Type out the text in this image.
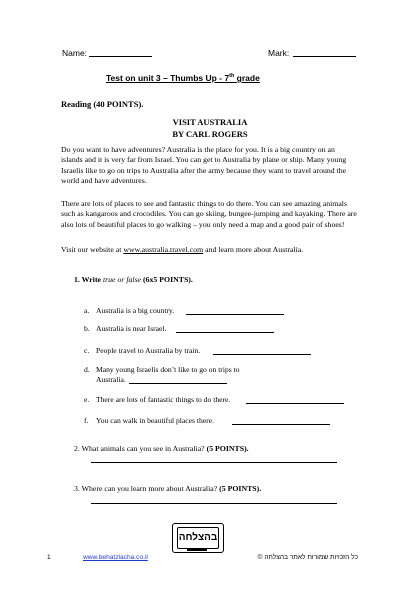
Name:	Mark:
Test on unit 3 – Thumbs Up - 7th grade
Reading (40 POINTS).
VISIT AUSTRALIA
BY CARL ROGERS
Do you want to have adventures? Australia is the place for you. It is a big country on an islands and it is very far from Israel. You can get to Australia by plane or ship. Many young Israelis like to go on trips to Australia after the army because they want to travel around the world and have adventures.
There are lots of places to see and fantastic things to do there. You can see amazing animals such as kangaroos and crocodiles. You can go skiing, bungee-jumping and kayaking. There are also lots of beautiful places to go walking – you only need a map and a good pair of shoes!
Visit our website at www.australia.travel.com and learn more about Australia.
1. Write true or false (6x5 POINTS).
a. Australia is a big country.
b. Australia is near Israel.
c. People travel to Australia by train.
d. Many young Israelis don’t like to go on trips to
Australia.
e. There are lots of fantastic things to do there.
f. You can walk in beautiful places there.
2. What animals can you see in Australia? (5 POINTS).
3. Where can you learn more about Australia? (5 POINTS).
בהצלחה
1	www.behatzlacha.co.il	כל הזכויות שמורות לאתר בהצלחה ©
